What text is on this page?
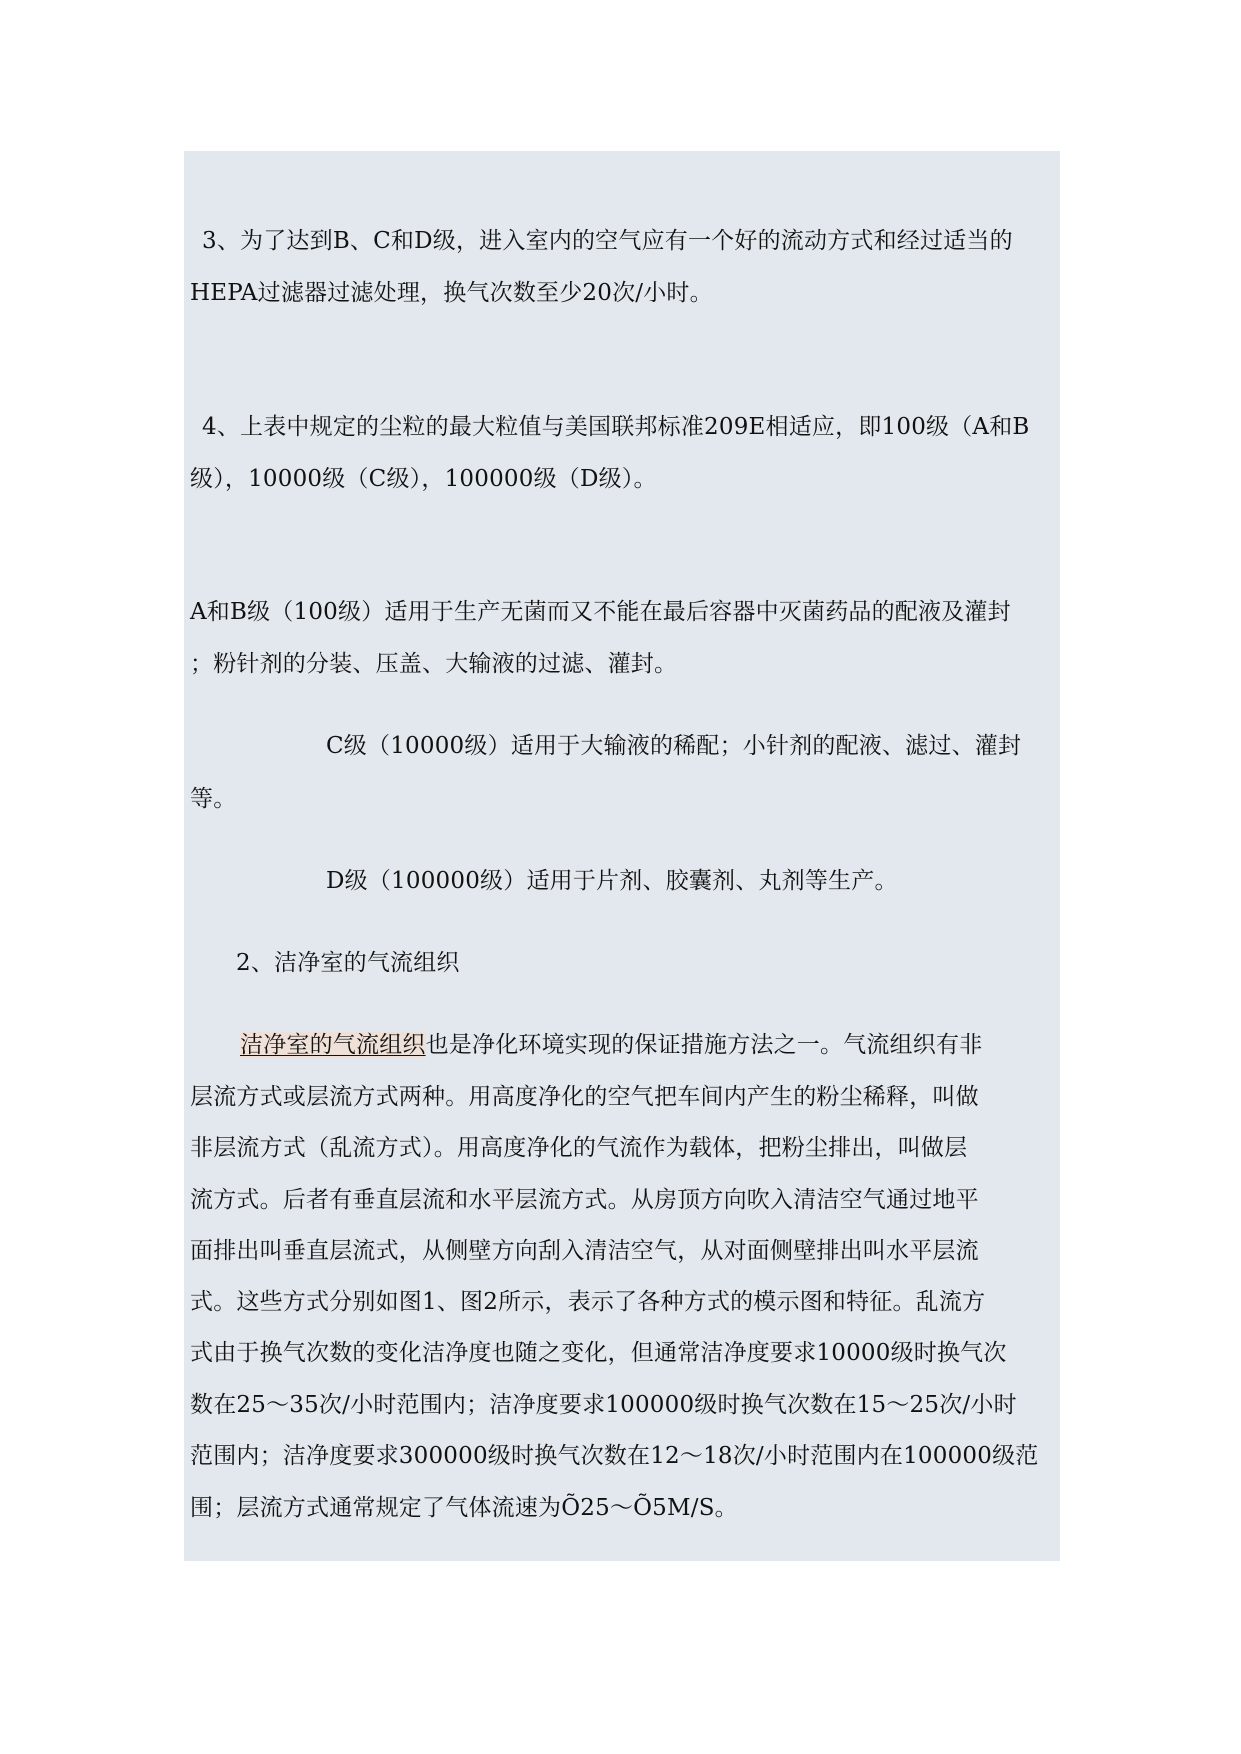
3、为了达到B、C和D级，进入室内的空气应有一个好的流动方式和经过适当的
HEPA过滤器过滤处理，换气次数至少20次/小时。
4、上表中规定的尘粒的最大粒值与美国联邦标准209E相适应，即100级（A和B
级），10000级（C级），100000级（D级）。
A和B级（100级）适用于生产无菌而又不能在最后容器中灭菌药品的配液及灌封
；粉针剂的分装、压盖、大输液的过滤、灌封。
C级（10000级）适用于大输液的稀配；小针剂的配液、滤过、灌封
等。
D级（100000级）适用于片剂、胶囊剂、丸剂等生产。
2、洁净室的气流组织
洁净室的气流组织也是净化环境实现的保证措施方法之一。气流组织有非
层流方式或层流方式两种。用高度净化的空气把车间内产生的粉尘稀释，叫做
非层流方式（乱流方式）。用高度净化的气流作为载体，把粉尘排出，叫做层
流方式。后者有垂直层流和水平层流方式。从房顶方向吹入清洁空气通过地平
面排出叫垂直层流式，从侧壁方向刮入清洁空气，从对面侧壁排出叫水平层流
式。这些方式分别如图1、图2所示，表示了各种方式的模示图和特征。乱流方
式由于换气次数的变化洁净度也随之变化，但通常洁净度要求10000级时换气次
数在25～35次/小时范围内；洁净度要求100000级时换气次数在15～25次/小时
范围内；洁净度要求300000级时换气次数在12～18次/小时范围内在100000级范
围；层流方式通常规定了气体流速为Õ25～Õ5M/S。
